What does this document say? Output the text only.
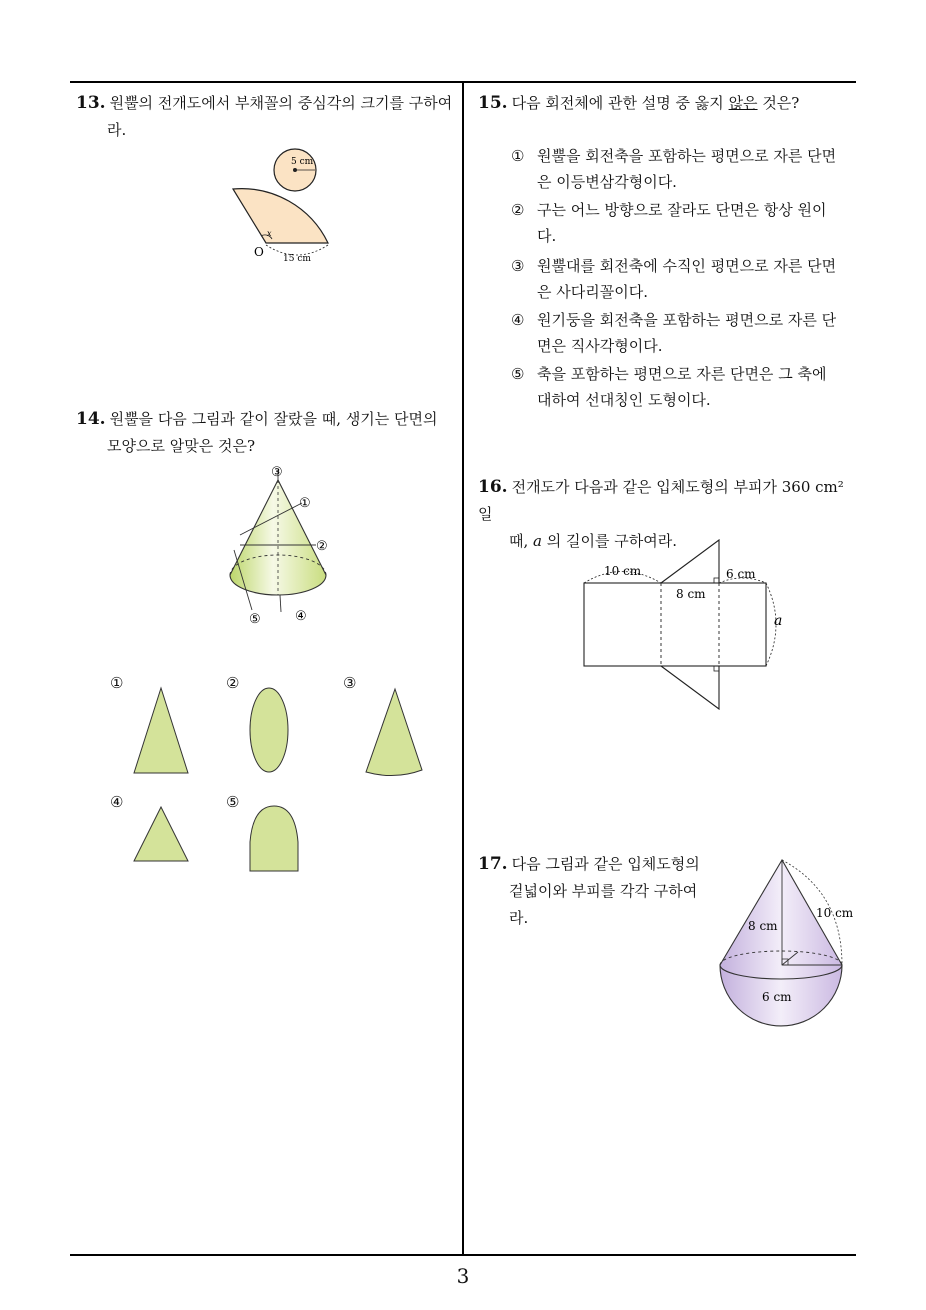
3
13. 원뿔의 전개도에서 부채꼴의 중심각의 크기를 구하여
라.
5 cm
x
O 15 cm
14. 원뿔을 다음 그림과 같이 잘랐을 때, 생기는 단면의
모양으로 알맞은 것은?
③
①
②
⑤	④
①	②	③
④	⑤
15. 다음 회전체에 관한 설명 중 옳지 않은 것은?
① 원뿔을 회전축을 포함하는 평면으로 자른 단면은 이등변삼각형이다.
② 구는 어느 방향으로 잘라도 단면은 항상 원이다.
③ 원뿔대를 회전축에 수직인 평면으로 자른 단면은 사다리꼴이다.
④ 원기둥을 회전축을 포함하는 평면으로 자른 단면은 직사각형이다.
⑤ 축을 포함하는 평면으로 자른 단면은 그 축에 대하여 선대칭인 도형이다.
16. 전개도가 다음과 같은 입체도형의 부피가 360 cm² 일
때, a 의 길이를 구하여라.
10 cm	6 cm
8 cm
a
17. 다음 그림과 같은 입체도형의
겉넓이와 부피를 각각 구하여
라.	10 cm
8 cm
6 cm
